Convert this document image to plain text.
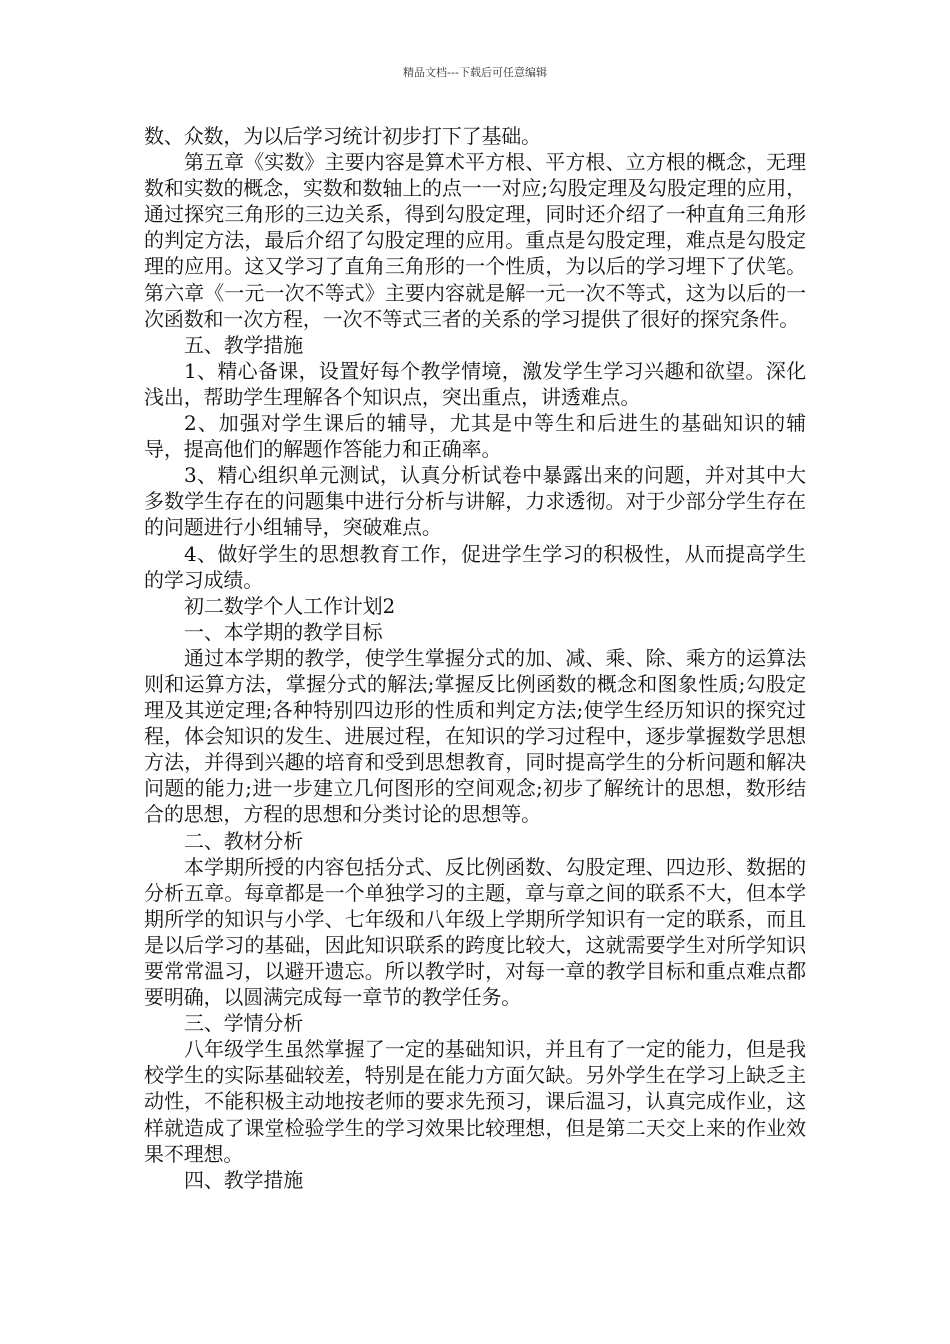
精品文档---下载后可任意编辑

数、众数，为以后学习统计初步打下了基础。

第五章《实数》主要内容是算术平方根、平方根、立方根的概念，无理数和实数的概念，实数和数轴上的点一一对应;勾股定理及勾股定理的应用，通过探究三角形的三边关系，得到勾股定理，同时还介绍了一种直角三角形的判定方法，最后介绍了勾股定理的应用。重点是勾股定理，难点是勾股定理的应用。这又学习了直角三角形的一个性质，为以后的学习埋下了伏笔。第六章《一元一次不等式》主要内容就是解一元一次不等式，这为以后的一次函数和一次方程，一次不等式三者的关系的学习提供了很好的探究条件。

五、教学措施

1、精心备课，设置好每个教学情境，激发学生学习兴趣和欲望。深化浅出，帮助学生理解各个知识点，突出重点，讲透难点。

2、加强对学生课后的辅导，尤其是中等生和后进生的基础知识的辅导，提高他们的解题作答能力和正确率。

3、精心组织单元测试，认真分析试卷中暴露出来的问题，并对其中大多数学生存在的问题集中进行分析与讲解，力求透彻。对于少部分学生存在的问题进行小组辅导，突破难点。

4、做好学生的思想教育工作，促进学生学习的积极性，从而提高学生的学习成绩。

初二数学个人工作计划2

一、本学期的教学目标

通过本学期的教学，使学生掌握分式的加、减、乘、除、乘方的运算法则和运算方法，掌握分式的解法;掌握反比例函数的概念和图象性质;勾股定理及其逆定理;各种特别四边形的性质和判定方法;使学生经历知识的探究过程，体会知识的发生、进展过程，在知识的学习过程中，逐步掌握数学思想方法，并得到兴趣的培育和受到思想教育，同时提高学生的分析问题和解决问题的能力;进一步建立几何图形的空间观念;初步了解统计的思想，数形结合的思想，方程的思想和分类讨论的思想等。

二、教材分析

本学期所授的内容包括分式、反比例函数、勾股定理、四边形、数据的分析五章。每章都是一个单独学习的主题，章与章之间的联系不大，但本学期所学的知识与小学、七年级和八年级上学期所学知识有一定的联系，而且是以后学习的基础，因此知识联系的跨度比较大，这就需要学生对所学知识要常常温习，以避开遗忘。所以教学时，对每一章的教学目标和重点难点都要明确，以圆满完成每一章节的教学任务。

三、学情分析

八年级学生虽然掌握了一定的基础知识，并且有了一定的能力，但是我校学生的实际基础较差，特别是在能力方面欠缺。另外学生在学习上缺乏主动性，不能积极主动地按老师的要求先预习，课后温习，认真完成作业，这样就造成了课堂检验学生的学习效果比较理想，但是第二天交上来的作业效果不理想。

四、教学措施
